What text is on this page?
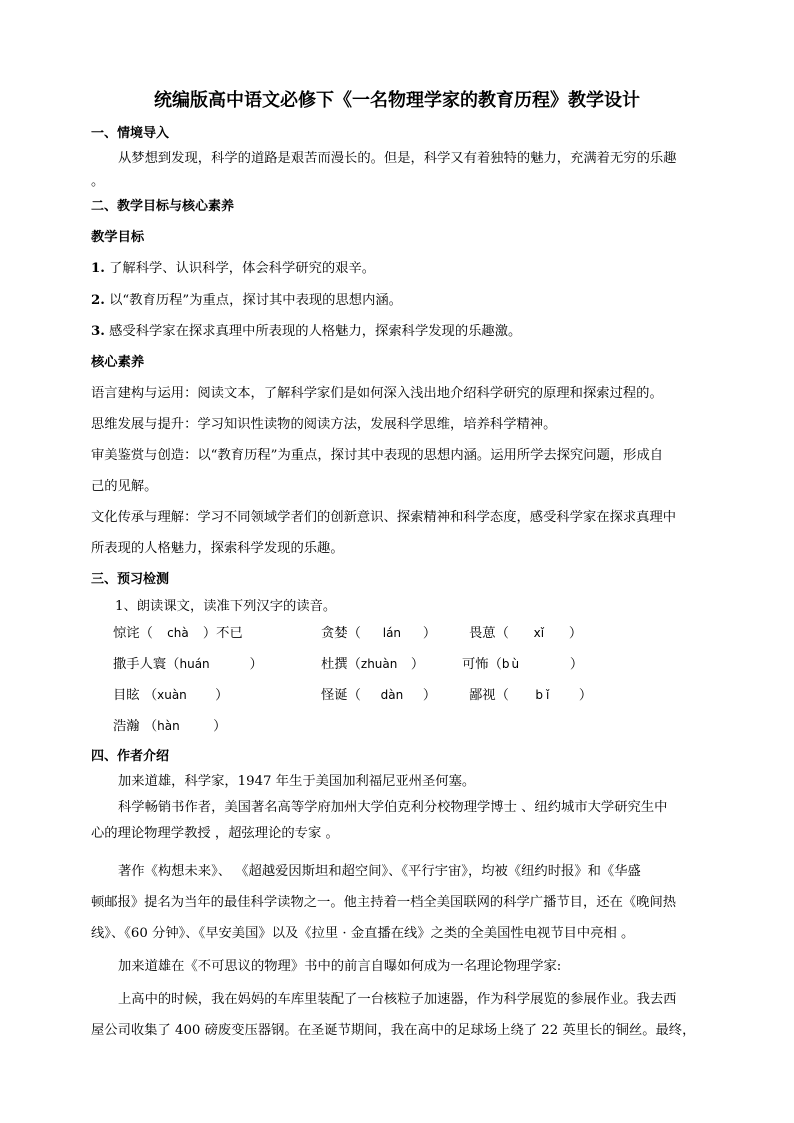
统编版高中语文必修下《一名物理学家的教育历程》教学设计
一、情境导入
从梦想到发现，科学的道路是艰苦而漫长的。但是，科学又有着独特的魅力，充满着无穷的乐趣
。
二、教学目标与核心素养
教学目标
1. 了解科学、认识科学，体会科学研究的艰辛。
2. 以“教育历程”为重点，探讨其中表现的思想内涵。
3. 感受科学家在探求真理中所表现的人格魅力，探索科学发现的乐趣激。
核心素养
语言建构与运用：阅读文本，了解科学家们是如何深入浅出地介绍科学研究的原理和探索过程的。
思维发展与提升：学习知识性读物的阅读方法，发展科学思维，培养科学精神。
审美鉴赏与创造：以“教育历程”为重点，探讨其中表现的思想内涵。运用所学去探究问题，形成自
己的见解。
文化传承与理解：学习不同领域学者们的创新意识、探索精神和科学态度，感受科学家在探求真理中
所表现的人格魅力，探索科学发现的乐趣。
三、预习检测
1、朗读课文，读准下列汉字的读音。
惊诧（ chà ）不已	贪婪（ lán ） 畏葸（ xǐ ）
撒手人寰（huán	）	杜撰（zhuàn ）	可怖（bù	）
目眩 （xuàn ）	怪诞（ dàn ） 鄙视（ bǐ ）
浩瀚 （hàn	）
四、作者介绍
加来道雄，科学家，1947 年生于美国加利福尼亚州圣何塞。
科学畅销书作者，美国著名高等学府加州大学伯克利分校物理学博士 、纽约城市大学研究生中
心的理论物理学教授 ，超弦理论的专家 。
著作《构想未来》、 《超越爱因斯坦和超空间》、《平行宇宙》，均被《纽约时报》和《华盛
顿邮报》提名为当年的最佳科学读物之一。他主持着一档全美国联网的科学广播节目，还在《晚间热
线》、《60 分钟》、《早安美国》以及《拉里 · 金直播在线》之类的全美国性电视节目中亮相 。
加来道雄在《不可思议的物理》书中的前言自曝如何成为一名理论物理学家:
上高中的时候，我在妈妈的车库里装配了一台核粒子加速器，作为科学展览的参展作业。我去西
屋公司收集了 400 磅废变压器钢。在圣诞节期间，我在高中的足球场上绕了 22 英里长的铜丝。最终，
